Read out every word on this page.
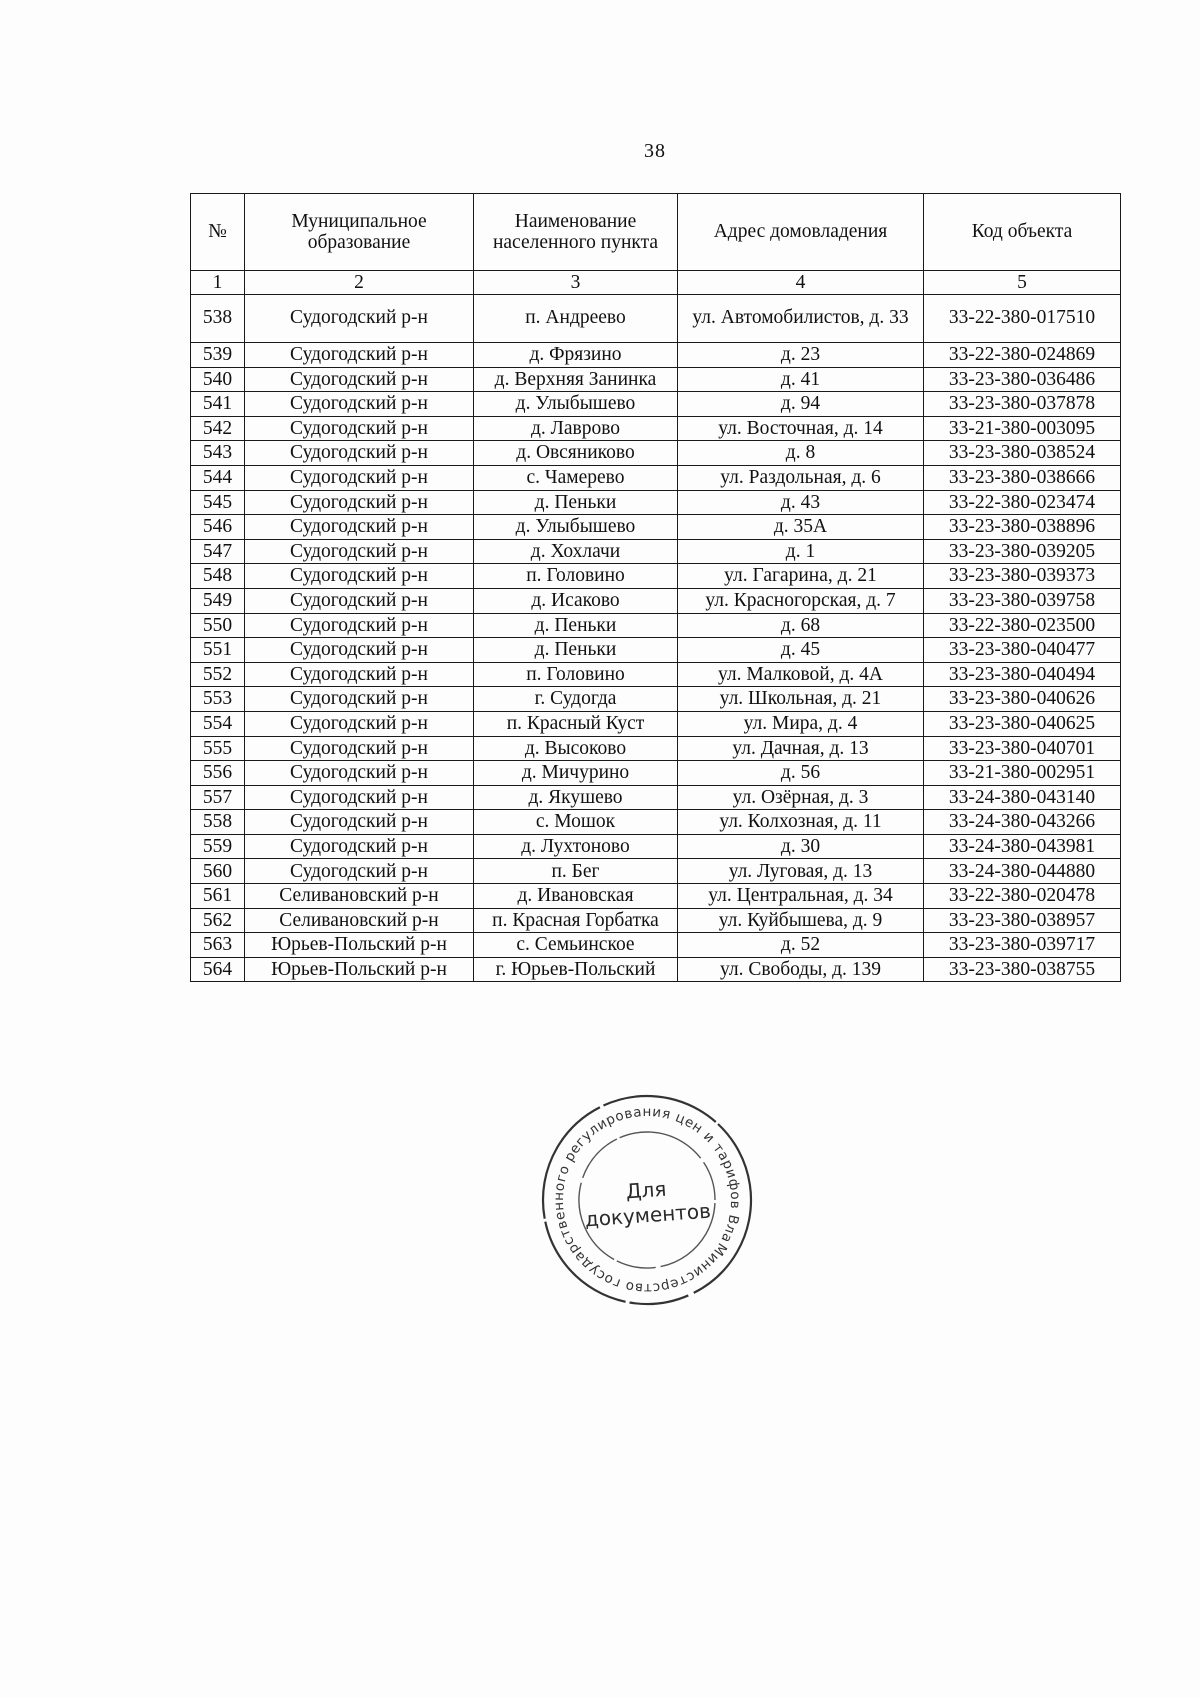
38
№	Муниципальное образование	Наименование населенного пункта	Адрес домовладения	Код объекта
1	2	3	4	5
538	Судогодский р-н	п. Андреево	ул. Автомобилистов, д. 33	33-22-380-017510
539	Судогодский р-н	д. Фрязино	д. 23	33-22-380-024869
540	Судогодский р-н	д. Верхняя Занинка	д. 41	33-23-380-036486
541	Судогодский р-н	д. Улыбышево	д. 94	33-23-380-037878
542	Судогодский р-н	д. Лаврово	ул. Восточная, д. 14	33-21-380-003095
543	Судогодский р-н	д. Овсяниково	д. 8	33-23-380-038524
544	Судогодский р-н	с. Чамерево	ул. Раздольная, д. 6	33-23-380-038666
545	Судогодский р-н	д. Пеньки	д. 43	33-22-380-023474
546	Судогодский р-н	д. Улыбышево	д. 35А	33-23-380-038896
547	Судогодский р-н	д. Хохлачи	д. 1	33-23-380-039205
548	Судогодский р-н	п. Головино	ул. Гагарина, д. 21	33-23-380-039373
549	Судогодский р-н	д. Исаково	ул. Красногорская, д. 7	33-23-380-039758
550	Судогодский р-н	д. Пеньки	д. 68	33-22-380-023500
551	Судогодский р-н	д. Пеньки	д. 45	33-23-380-040477
552	Судогодский р-н	п. Головино	ул. Малковой, д. 4А	33-23-380-040494
553	Судогодский р-н	г. Судогда	ул. Школьная, д. 21	33-23-380-040626
554	Судогодский р-н	п. Красный Куст	ул. Мира, д. 4	33-23-380-040625
555	Судогодский р-н	д. Высоково	ул. Дачная, д. 13	33-23-380-040701
556	Судогодский р-н	д. Мичурино	д. 56	33-21-380-002951
557	Судогодский р-н	д. Якушево	ул. Озёрная, д. 3	33-24-380-043140
558	Судогодский р-н	с. Мошок	ул. Колхозная, д. 11	33-24-380-043266
559	Судогодский р-н	д. Лухтоново	д. 30	33-24-380-043981
560	Судогодский р-н	п. Бег	ул. Луговая, д. 13	33-24-380-044880
561	Селивановский р-н	д. Ивановская	ул. Центральная, д. 34	33-22-380-020478
562	Селивановский р-н	п. Красная Горбатка	ул. Куйбышева, д. 9	33-23-380-038957
563	Юрьев-Польский р-н	с. Семьинское	д. 52	33-23-380-039717
564	Юрьев-Польский р-н	г. Юрьев-Польский	ул. Свободы, д. 139	33-23-380-038755
Министерство государственного регулирования цен и тарифов Владимирской
Для
документов
